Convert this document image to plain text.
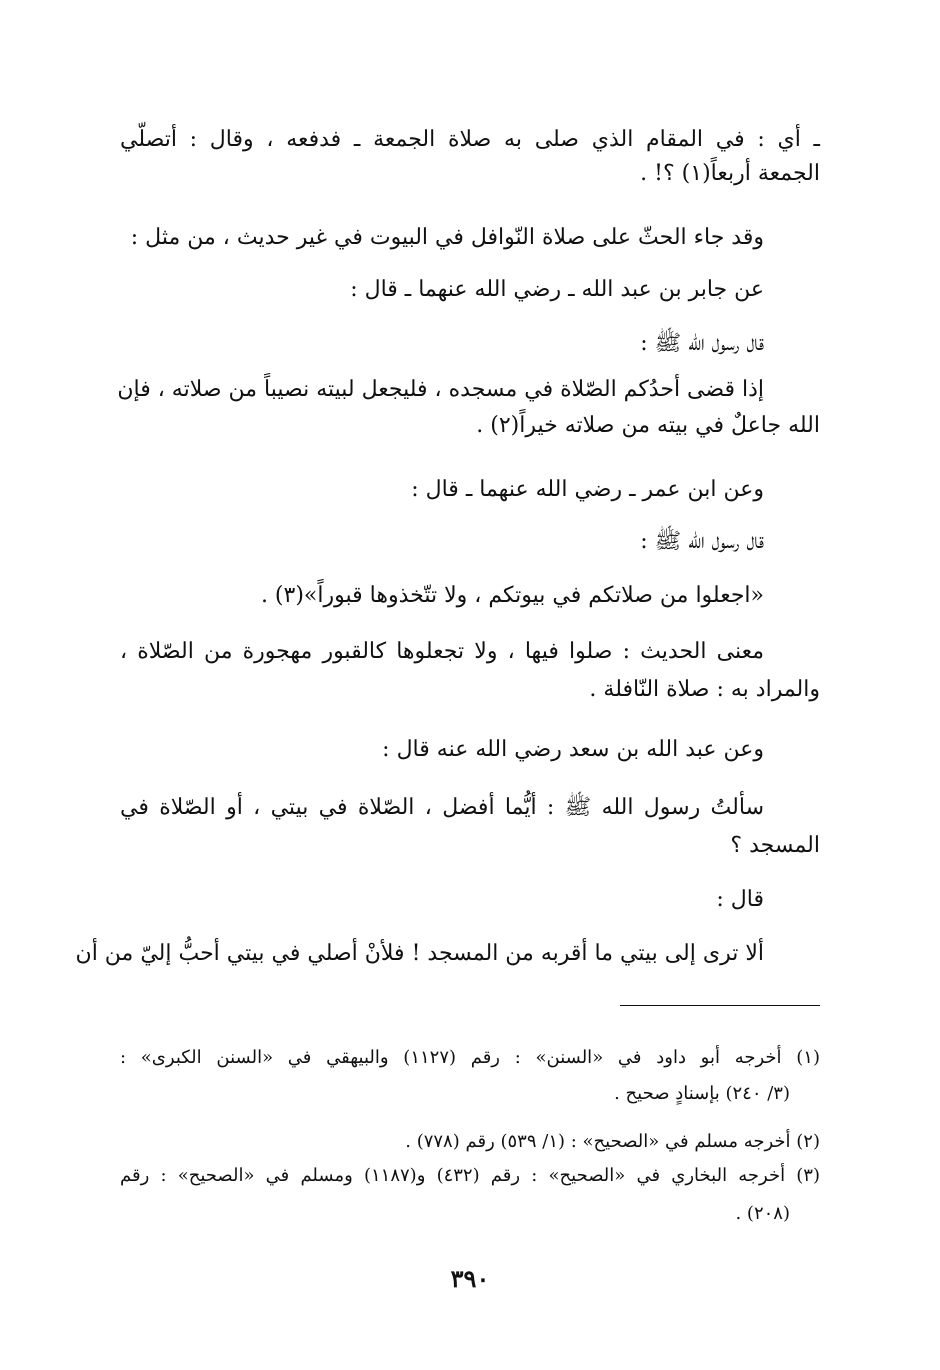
ـ أي : في المقام الذي صلى به صلاة الجمعة ـ فدفعه ، وقال : أتصلّي
الجمعة أربعاً(١) ؟! .
وقد جاء الحثّ على صلاة النّوافل في البيوت في غير حديث ، من مثل :
عن جابر بن عبد الله ـ رضي الله عنهما ـ قال :
قال رسول الله ﷺ :
إذا قضى أحدُكم الصّلاة في مسجده ، فليجعل لبيته نصيباً من صلاته ، فإن
الله جاعلٌ في بيته من صلاته خيراً(٢) .
وعن ابن عمر ـ رضي الله عنهما ـ قال :
قال رسول الله ﷺ :
«اجعلوا من صلاتكم في بيوتكم ، ولا تتّخذوها قبوراً»(٣) .
معنى الحديث : صلوا فيها ، ولا تجعلوها كالقبور مهجورة من الصّلاة ،
والمراد به : صلاة النّافلة .
وعن عبد الله بن سعد رضي الله عنه قال :
سألتُ رسول الله ﷺ : أيُّما أفضل ، الصّلاة في بيتي ، أو الصّلاة في
المسجد ؟
قال :
ألا ترى إلى بيتي ما أقربه من المسجد ! فلأنْ أصلي في بيتي أحبُّ إليّ من أن
(١) أخرجه أبو داود في «السنن» : رقم (١١٢٧) والبيهقي في «السنن الكبرى» :
(٣/ ٢٤٠) بإسنادٍ صحيح .
(٢) أخرجه مسلم في «الصحيح» : (١/ ٥٣٩) رقم (٧٧٨) .
(٣) أخرجه البخاري في «الصحيح» : رقم (٤٣٢) و(١١٨٧) ومسلم في «الصحيح» : رقم
(٢٠٨) .
٣٩٠
